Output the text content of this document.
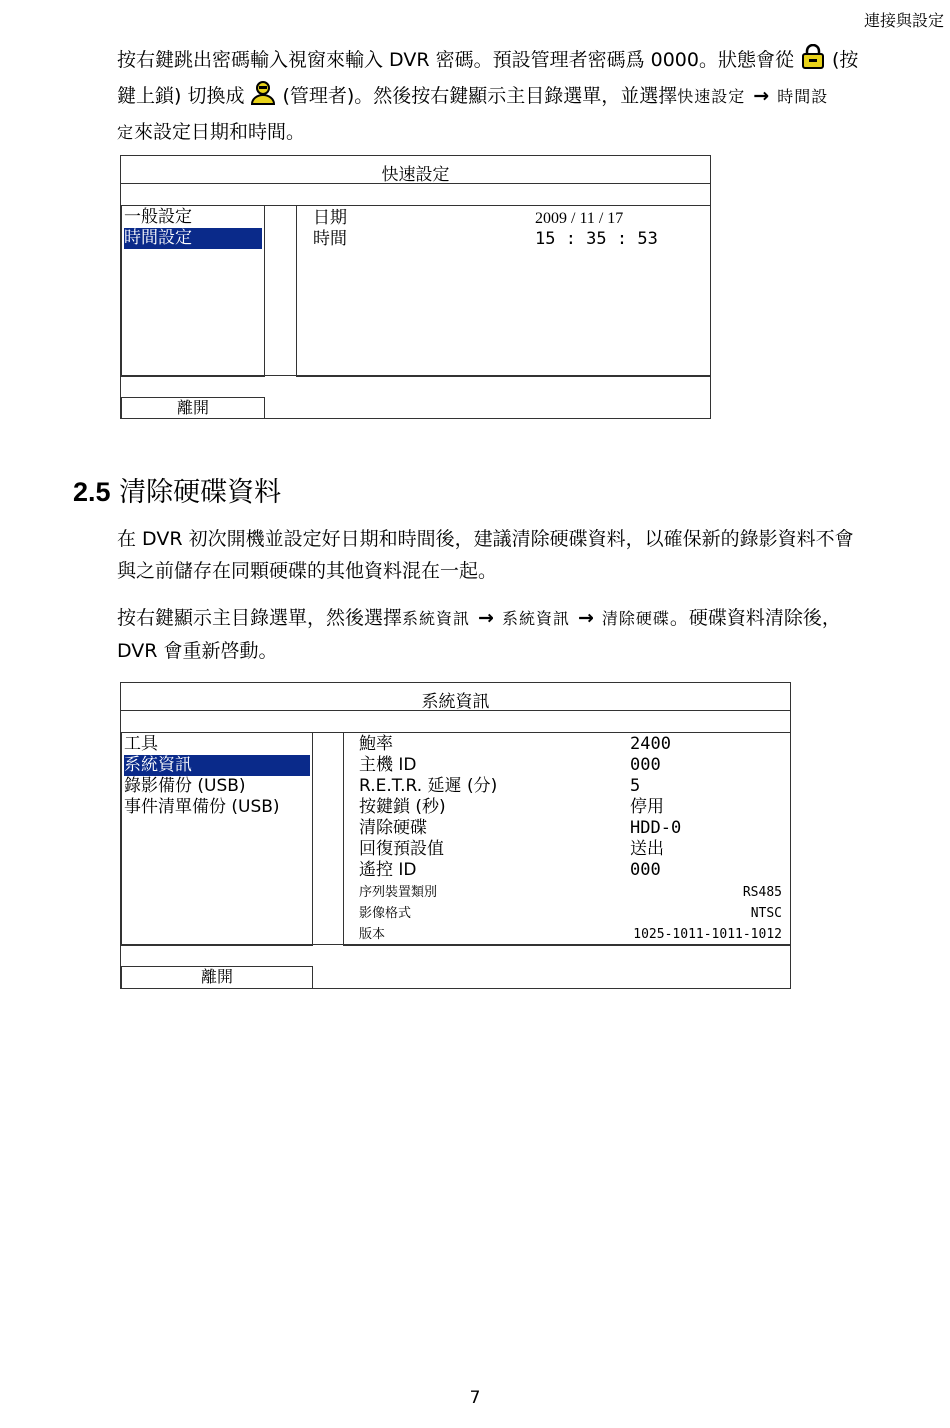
連接與設定
按右鍵跳出密碼輸入視窗來輸入 DVR 密碼。預設管理者密碼爲 0000。狀態會從 (按
鍵上鎖) 切換成 (管理者)。然後按右鍵顯示主目錄選單，並選擇快速設定 → 時間設
定來設定日期和時間。
快速設定
一般設定
時間設定
日期	2009 / 11 / 17
時間	15 : 35 : 53
離開
2.5 清除硬碟資料
在 DVR 初次開機並設定好日期和時間後，建議清除硬碟資料，以確保新的錄影資料不會
與之前儲存在同顆硬碟的其他資料混在一起。
按右鍵顯示主目錄選單，然後選擇系統資訊 → 系統資訊 → 清除硬碟。硬碟資料清除後，
DVR 會重新啓動。
系統資訊
工具
系統資訊
錄影備份 (USB)
事件清單備份 (USB)
鮑率	2400
主機 ID	000
R.E.T.R. 延遲 (分)	5
按鍵鎖 (秒)	停用
清除硬碟	HDD-0
回復預設值	送出
遙控 ID	000
序列裝置類別	RS485
影像格式	NTSC
版本	1025-1011-1011-1012
離開
7
